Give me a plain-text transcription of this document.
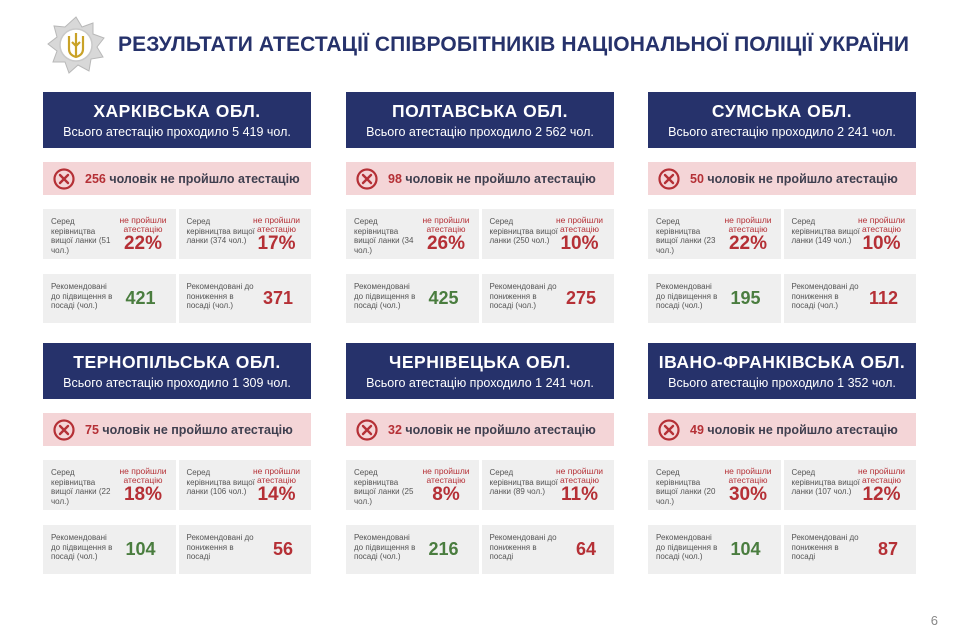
РЕЗУЛЬТАТИ АТЕСТАЦІЇ СПІВРОБІТНИКІВ НАЦІОНАЛЬНОЇ ПОЛІЦІЇ УКРАЇНИ
ХАРКІВСЬКА ОБЛ.
Всього атестацію проходило 5 419 чол.
256 чоловік не пройшло атестацію
Серед керівництва вищої ланки (51 чол.)
не пройшли атестацію
22%
Серед керівництва вищої ланки (374 чол.)
не пройшли атестацію
17%
Рекомендовані до підвищення в посаді (чол.)	421
Рекомендовані до пониження в посаді (чол.)	371
ПОЛТАВСЬКА ОБЛ.
Всього атестацію проходило 2 562 чол.
98 чоловік не пройшло атестацію
Серед керівництва вищої ланки (34 чол.)
не пройшли атестацію
26%
Серед керівництва вищої ланки (250 чол.)
не пройшли атестацію
10%
Рекомендовані до підвищення в посаді (чол.)	425
Рекомендовані до пониження в посаді (чол.)	275
СУМСЬКА ОБЛ.
Всього атестацію проходило 2 241 чол.
50 чоловік не пройшло атестацію
Серед керівництва вищої ланки (23 чол.)
не пройшли атестацію
22%
Серед керівництва вищої ланки (149 чол.)
не пройшли атестацію
10%
Рекомендовані до підвищення в посаді (чол.)	195
Рекомендовані до пониження в посаді (чол.)	112
ТЕРНОПІЛЬСЬКА ОБЛ.
Всього атестацію проходило 1 309 чол.
75 чоловік не пройшло атестацію
Серед керівництва вищої ланки (22 чол.)
не пройшли атестацію
18%
Серед керівництва вищої ланки (106 чол.)
не пройшли атестацію
14%
Рекомендовані до підвищення в посаді (чол.)	104
Рекомендовані до пониження в посаді	56
ЧЕРНІВЕЦЬКА ОБЛ.
Всього атестацію проходило 1 241 чол.
32 чоловік не пройшло атестацію
Серед керівництва вищої ланки (25 чол.)
не пройшли атестацію
8%
Серед керівництва вищої ланки (89 чол.)
не пройшли атестацію
11%
Рекомендовані до підвищення в посаді (чол.)	216
Рекомендовані до пониження в посаді	64
ІВАНО-ФРАНКІВСЬКА ОБЛ.
Всього атестацію проходило 1 352 чол.
49 чоловік не пройшло атестацію
Серед керівництва вищої ланки (20 чол.)
не пройшли атестацію
30%
Серед керівництва вищої ланки (107 чол.)
не пройшли атестацію
12%
Рекомендовані до підвищення в посаді (чол.)	104
Рекомендовані до пониження в посаді	87
6
